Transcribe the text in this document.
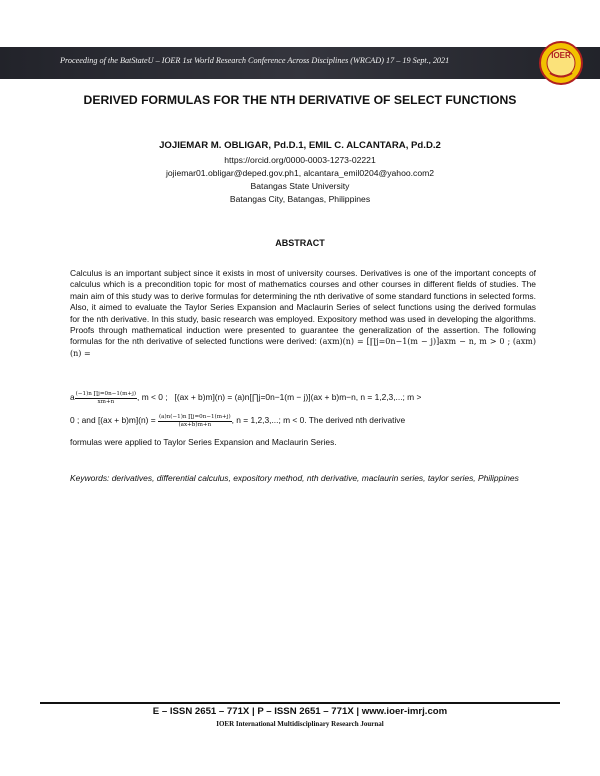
Proceeding of the BatStateU – IOER 1st World Research Conference Across Disciplines (WRCAD) 17 – 19 Sept., 2021
IOER
DERIVED FORMULAS FOR THE NTH DERIVATIVE OF SELECT FUNCTIONS
JOJIEMAR M. OBLIGAR, Pd.D.1, EMIL C. ALCANTARA, Pd.D.2
https://orcid.org/0000-0003-1273-02221
jojiemar01.obligar@deped.gov.ph1, alcantara_emil0204@yahoo.com2
Batangas State University
Batangas City, Batangas, Philippines
ABSTRACT
Calculus is an important subject since it exists in most of university courses. Derivatives is one of the important concepts of calculus which is a precondition topic for most of mathematics courses and other courses in different fields of studies. The main aim of this study was to derive formulas for determining the nth derivative of some standard functions in selected forms. Also, it aimed to evaluate the Taylor Series Expansion and Maclaurin Series of select functions using the derived formulas for the nth derivative. In this study, basic research was employed. Expository method was used in developing the algorithms. Proofs through mathematical induction were presented to guarantee the generalization of the assertion. The following formulas for the nth derivative of selected functions were derived: (axm)(n) = [∏j=0n−1(m − j)]axm − n, m > 0 ; (axm)(n) =
a $\frac{(-1)n \prod j=0n-1(m+j)}{xm+n}$ , m < 0 ; [(ax + b)m](n) = (a)n[∏j=0n−1(m − j)](ax + b)m−n, n = 1,2,3,...; m >
0 ; and $[(ax + b)m](n) = \frac{(a)n(-1)n \prod j=0n-1(m+j)}{(ax+b)m+n}$ , n = 1,2,3,...; m < 0. The derived nth derivative
formulas were applied to Taylor Series Expansion and Maclaurin Series.
Keywords: derivatives, differential calculus, expository method, nth derivative, maclaurin series, taylor series, Philippines
E – ISSN 2651 – 771X | P – ISSN 2651 – 771X | www.ioer-imrj.com
IOER International Multidisciplinary Research Journal
